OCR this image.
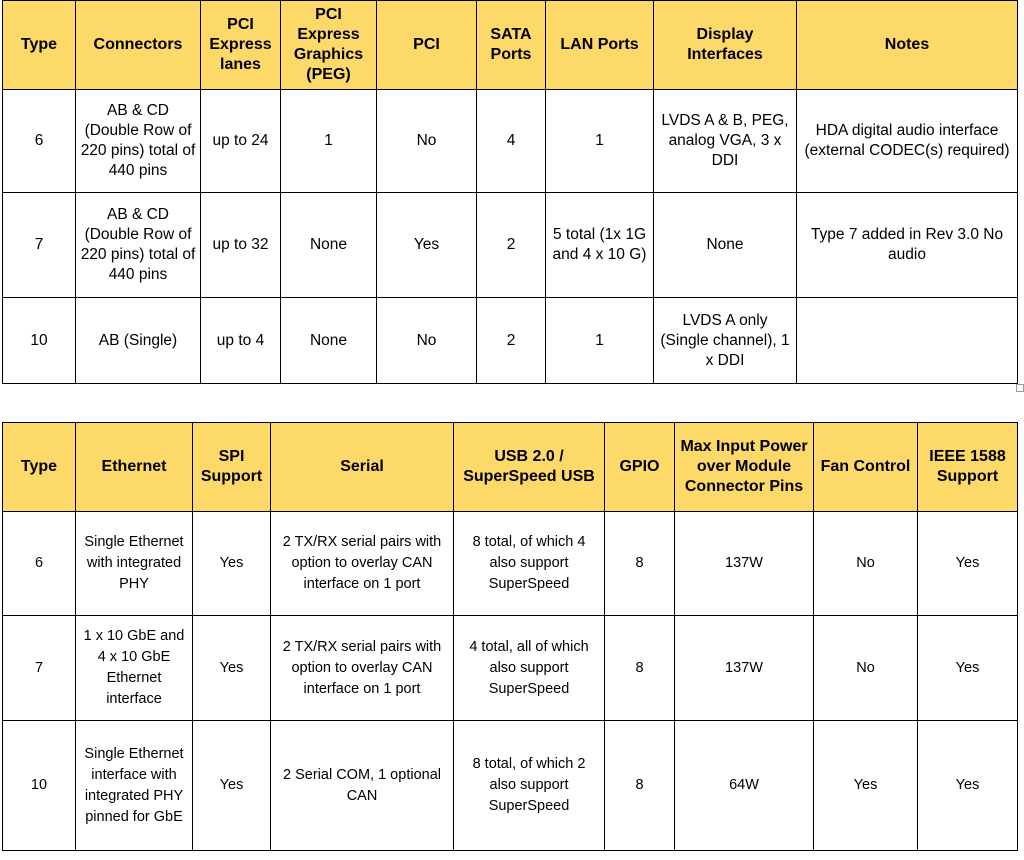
Type	Connectors	PCI Express lanes	PCI Express Graphics (PEG)	PCI	SATA Ports	LAN Ports	Display Interfaces	Notes
6	AB & CD (Double Row of 220 pins) total of 440 pins	up to 24	1	No	4	1	LVDS A & B, PEG, analog VGA, 3 x DDI	HDA digital audio interface (external CODEC(s) required)
7	AB & CD (Double Row of 220 pins) total of 440 pins	up to 32	None	Yes	2	5 total (1x 1G and 4 x 10 G)	None	Type 7 added in Rev 3.0 No audio
10	AB (Single)	up to 4	None	No	2	1	LVDS A only (Single channel), 1 x DDI	
Type	Ethernet	SPI Support	Serial	USB 2.0 / SuperSpeed USB	GPIO	Max Input Power over Module Connector Pins	Fan Control	IEEE 1588 Support
6	Single Ethernet with integrated PHY	Yes	2 TX/RX serial pairs with option to overlay CAN interface on 1 port	8 total, of which 4 also support SuperSpeed	8	137W	No	Yes
7	1 x 10 GbE and 4 x 10 GbE Ethernet interface	Yes	2 TX/RX serial pairs with option to overlay CAN interface on 1 port	4 total, all of which also support SuperSpeed	8	137W	No	Yes
10	Single Ethernet interface with integrated PHY pinned for GbE	Yes	2 Serial COM, 1 optional CAN	8 total, of which 2 also support SuperSpeed	8	64W	Yes	Yes
